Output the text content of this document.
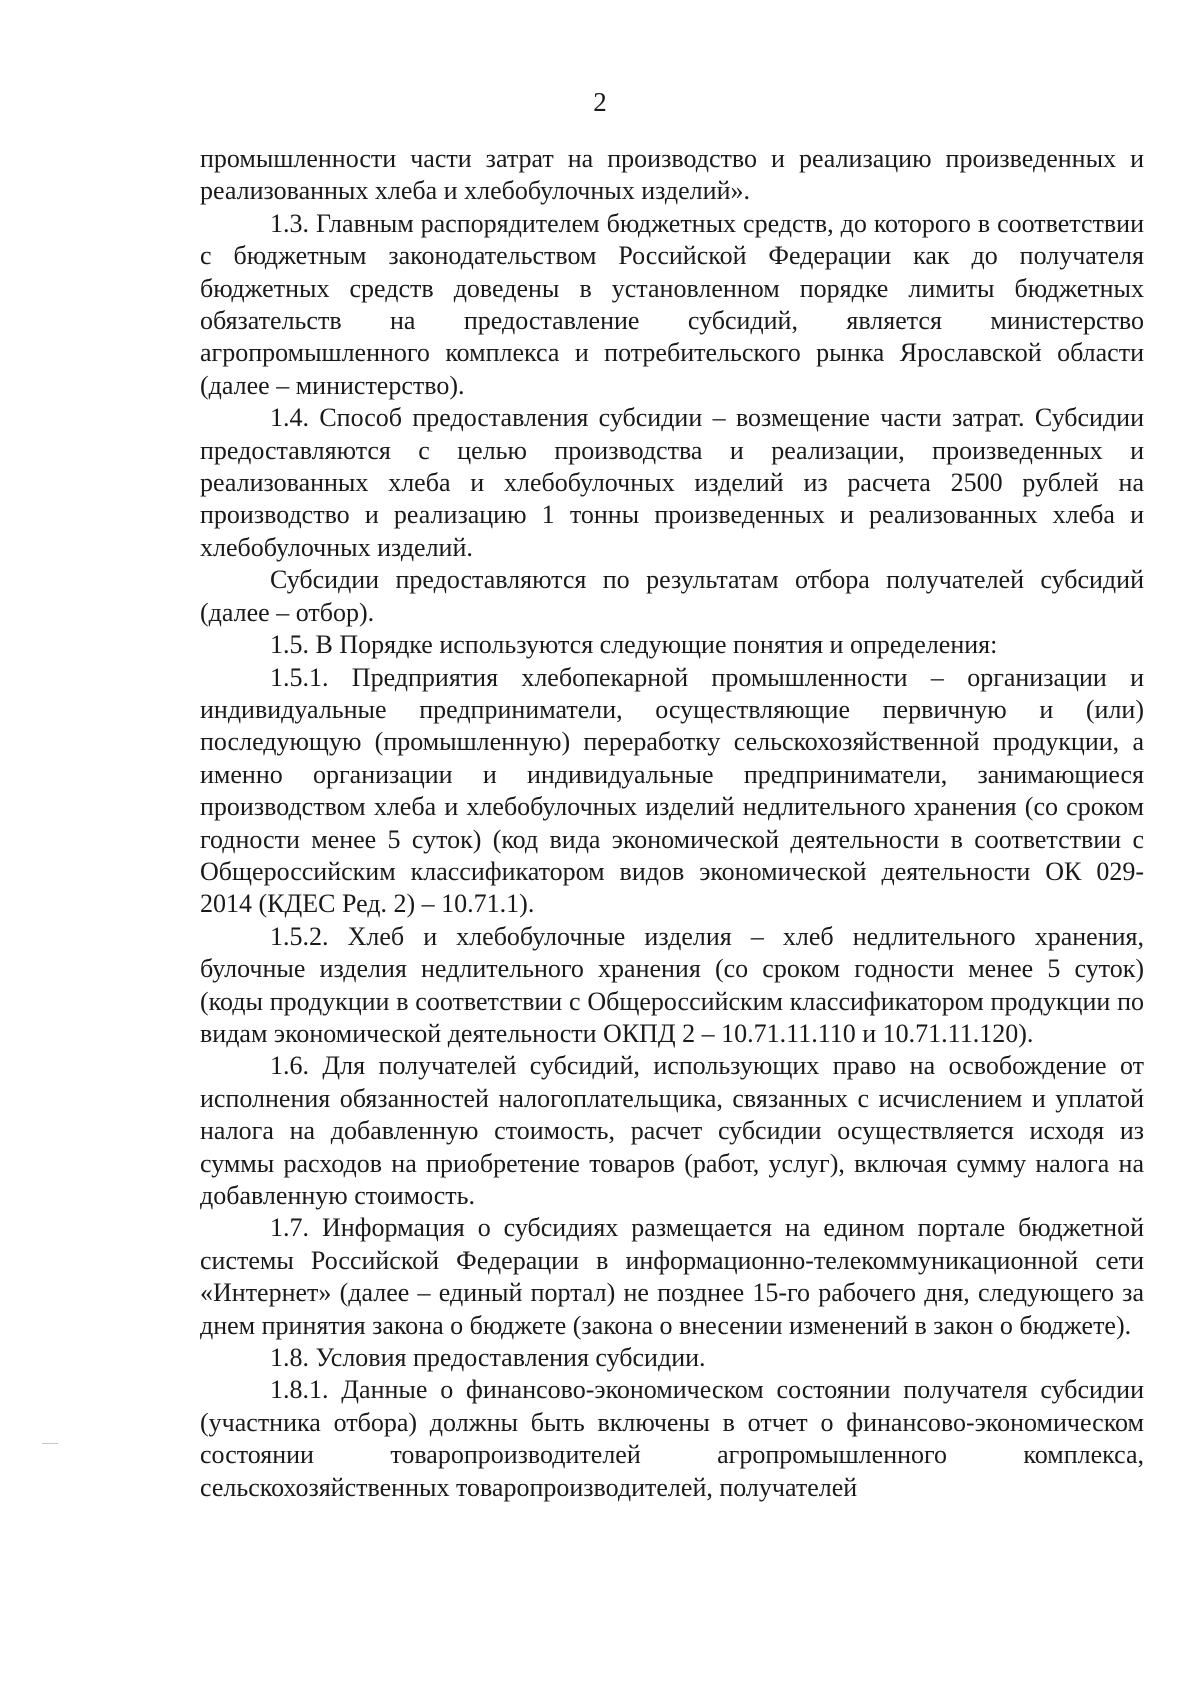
2

промышленности части затрат на производство и реализацию произведенных и реализованных хлеба и хлебобулочных изделий».

1.3. Главным распорядителем бюджетных средств, до которого в соответствии с бюджетным законодательством Российской Федерации как до получателя бюджетных средств доведены в установленном порядке лимиты бюджетных обязательств на предоставление субсидий, является министерство агропромышленного комплекса и потребительского рынка Ярославской области (далее – министерство).

1.4. Способ предоставления субсидии – возмещение части затрат. Субсидии предоставляются с целью производства и реализации, произведенных и реализованных хлеба и хлебобулочных изделий из расчета 2500 рублей на производство и реализацию 1 тонны произведенных и реализованных хлеба и хлебобулочных изделий.

Субсидии предоставляются по результатам отбора получателей субсидий (далее – отбор).

1.5. В Порядке используются следующие понятия и определения:

1.5.1. Предприятия хлебопекарной промышленности – организации и индивидуальные предприниматели, осуществляющие первичную и (или) последующую (промышленную) переработку сельскохозяйственной продукции, а именно организации и индивидуальные предприниматели, занимающиеся производством хлеба и хлебобулочных изделий недлительного хранения (со сроком годности менее 5 суток) (код вида экономической деятельности в соответствии с Общероссийским классификатором видов экономической деятельности ОК 029-2014 (КДЕС Ред. 2) – 10.71.1).

1.5.2. Хлеб и хлебобулочные изделия – хлеб недлительного хранения, булочные изделия недлительного хранения (со сроком годности менее 5 суток) (коды продукции в соответствии с Общероссийским классификатором продукции по видам экономической деятельности ОКПД 2 – 10.71.11.110 и 10.71.11.120).

1.6. Для получателей субсидий, использующих право на освобождение от исполнения обязанностей налогоплательщика, связанных с исчислением и уплатой налога на добавленную стоимость, расчет субсидии осуществляется исходя из суммы расходов на приобретение товаров (работ, услуг), включая сумму налога на добавленную стоимость.

1.7. Информация о субсидиях размещается на едином портале бюджетной системы Российской Федерации в информационно-телекоммуникационной сети «Интернет» (далее – единый портал) не позднее 15-го рабочего дня, следующего за днем принятия закона о бюджете (закона о внесении изменений в закон о бюджете).

1.8. Условия предоставления субсидии.

1.8.1. Данные о финансово-экономическом состоянии получателя субсидии (участника отбора) должны быть включены в отчет о финансово-экономическом состоянии товаропроизводителей агропромышленного комплекса, сельскохозяйственных товаропроизводителей, получателей
